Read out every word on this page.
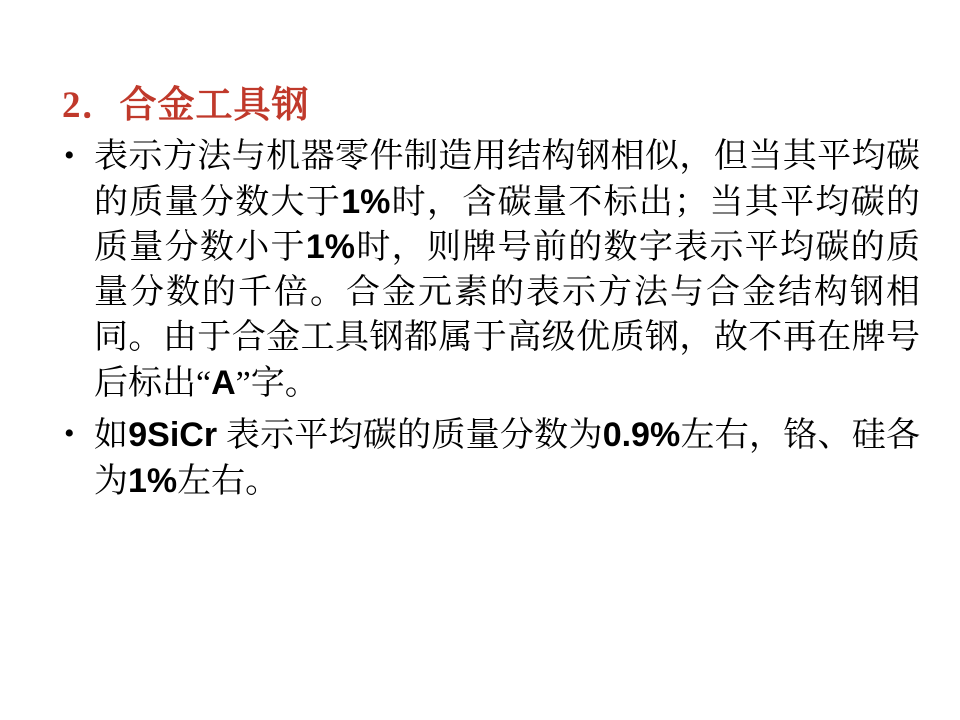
2．合金工具钢
• 表示方法与机器零件制造用结构钢相似，但当其平均碳的质量分数大于1%时，含碳量不标出；当其平均碳的质量分数小于1%时，则牌号前的数字表示平均碳的质量分数的千倍。合金元素的表示方法与合金结构钢相同。由于合金工具钢都属于高级优质钢，故不再在牌号后标出“A”字。
• 如9SiCr 表示平均碳的质量分数为0.9%左右，铬、硅各为1%左右。
